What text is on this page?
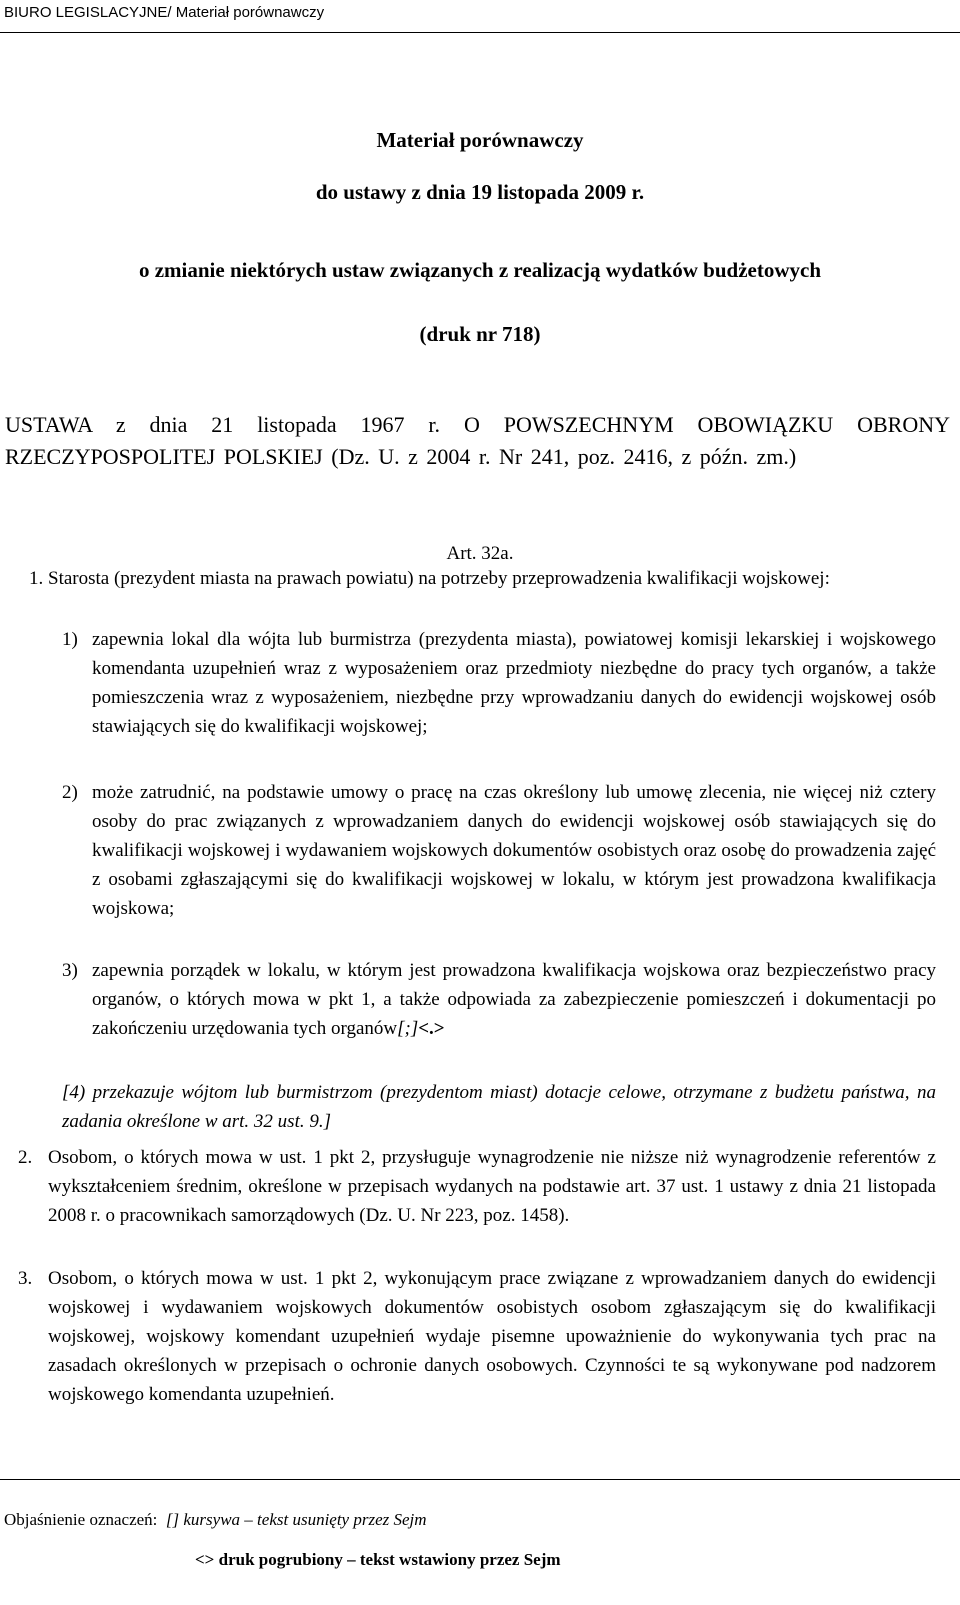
BIURO LEGISLACYJNE/ Materiał porównawczy
Materiał porównawczy
do ustawy z dnia 19 listopada 2009 r.
o zmianie niektórych ustaw związanych z realizacją wydatków budżetowych
(druk nr 718)
USTAWA z dnia 21 listopada 1967 r. O POWSZECHNYM OBOWIĄZKU OBRONY RZECZYPOSPOLITEJ POLSKIEJ (Dz. U. z 2004 r. Nr 241, poz. 2416, z późn. zm.)
Art. 32a.
1. Starosta (prezydent miasta na prawach powiatu) na potrzeby przeprowadzenia kwalifikacji wojskowej:
1) zapewnia lokal dla wójta lub burmistrza (prezydenta miasta), powiatowej komisji lekarskiej i wojskowego komendanta uzupełnień wraz z wyposażeniem oraz przedmioty niezbędne do pracy tych organów, a także pomieszczenia wraz z wyposażeniem, niezbędne przy wprowadzaniu danych do ewidencji wojskowej osób stawiających się do kwalifikacji wojskowej;
2) może zatrudnić, na podstawie umowy o pracę na czas określony lub umowę zlecenia, nie więcej niż cztery osoby do prac związanych z wprowadzaniem danych do ewidencji wojskowej osób stawiających się do kwalifikacji wojskowej i wydawaniem wojskowych dokumentów osobistych oraz osobę do prowadzenia zajęć z osobami zgłaszającymi się do kwalifikacji wojskowej w lokalu, w którym jest prowadzona kwalifikacja wojskowa;
3) zapewnia porządek w lokalu, w którym jest prowadzona kwalifikacja wojskowa oraz bezpieczeństwo pracy organów, o których mowa w pkt 1, a także odpowiada za zabezpieczenie pomieszczeń i dokumentacji po zakończeniu urzędowania tych organów[;]<.>
[4) przekazuje wójtom lub burmistrzom (prezydentom miast) dotacje celowe, otrzymane z budżetu państwa, na zadania określone w art. 32 ust. 9.]
2. Osobom, o których mowa w ust. 1 pkt 2, przysługuje wynagrodzenie nie niższe niż wynagrodzenie referentów z wykształceniem średnim, określone w przepisach wydanych na podstawie art. 37 ust. 1 ustawy z dnia 21 listopada 2008 r. o pracownikach samorządowych (Dz. U. Nr 223, poz. 1458).
3. Osobom, o których mowa w ust. 1 pkt 2, wykonującym prace związane z wprowadzaniem danych do ewidencji wojskowej i wydawaniem wojskowych dokumentów osobistych osobom zgłaszającym się do kwalifikacji wojskowej, wojskowy komendant uzupełnień wydaje pisemne upoważnienie do wykonywania tych prac na zasadach określonych w przepisach o ochronie danych osobowych. Czynności te są wykonywane pod nadzorem wojskowego komendanta uzupełnień.
Objaśnienie oznaczeń: [] kursywa – tekst usunięty przez Sejm
<> druk pogrubiony – tekst wstawiony przez Sejm
